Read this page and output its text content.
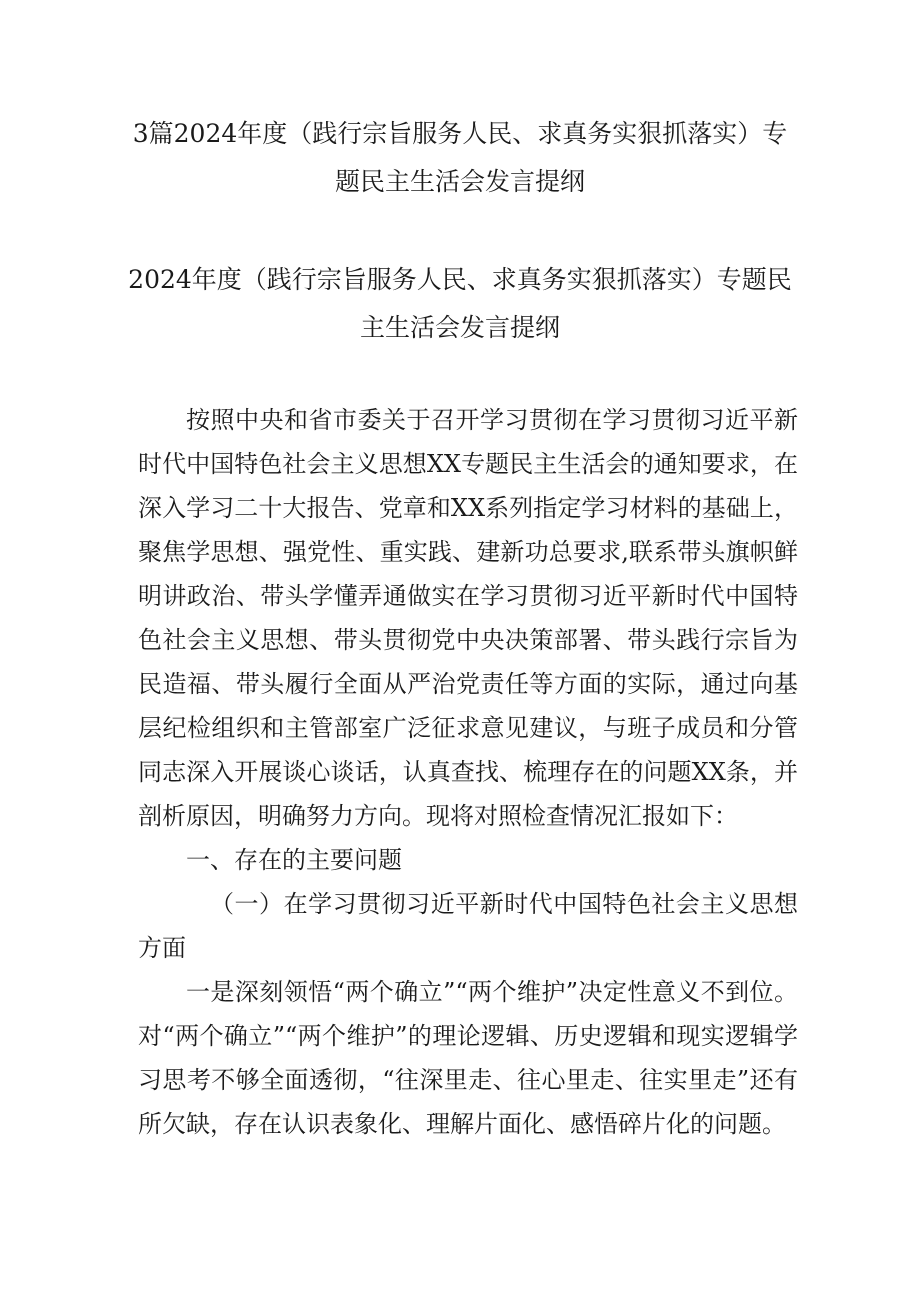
3篇2024年度（践行宗旨服务人民、求真务实狠抓落实）专
题民主生活会发言提纲
2024年度（践行宗旨服务人民、求真务实狠抓落实）专题民
主生活会发言提纲

按照中央和省市委关于召开学习贯彻在学习贯彻习近平新时代中国特色社会主义思想XX专题民主生活会的通知要求，在深入学习二十大报告、党章和XX系列指定学习材料的基础上，聚焦学思想、强党性、重实践、建新功总要求,联系带头旗帜鲜明讲政治、带头学懂弄通做实在学习贯彻习近平新时代中国特色社会主义思想、带头贯彻党中央决策部署、带头践行宗旨为民造福、带头履行全面从严治党责任等方面的实际，通过向基层纪检组织和主管部室广泛征求意见建议，与班子成员和分管同志深入开展谈心谈话，认真查找、梳理存在的问题XX条，并剖析原因，明确努力方向。现将对照检查情况汇报如下：

一、存在的主要问题

（一）在学习贯彻习近平新时代中国特色社会主义思想方面

一是深刻领悟“两个确立”“两个维护”决定性意义不到位。对“两个确立”“两个维护”的理论逻辑、历史逻辑和现实逻辑学习思考不够全面透彻，“往深里走、往心里走、往实里走”还有所欠缺，存在认识表象化、理解片面化、感悟碎片化的问题。
